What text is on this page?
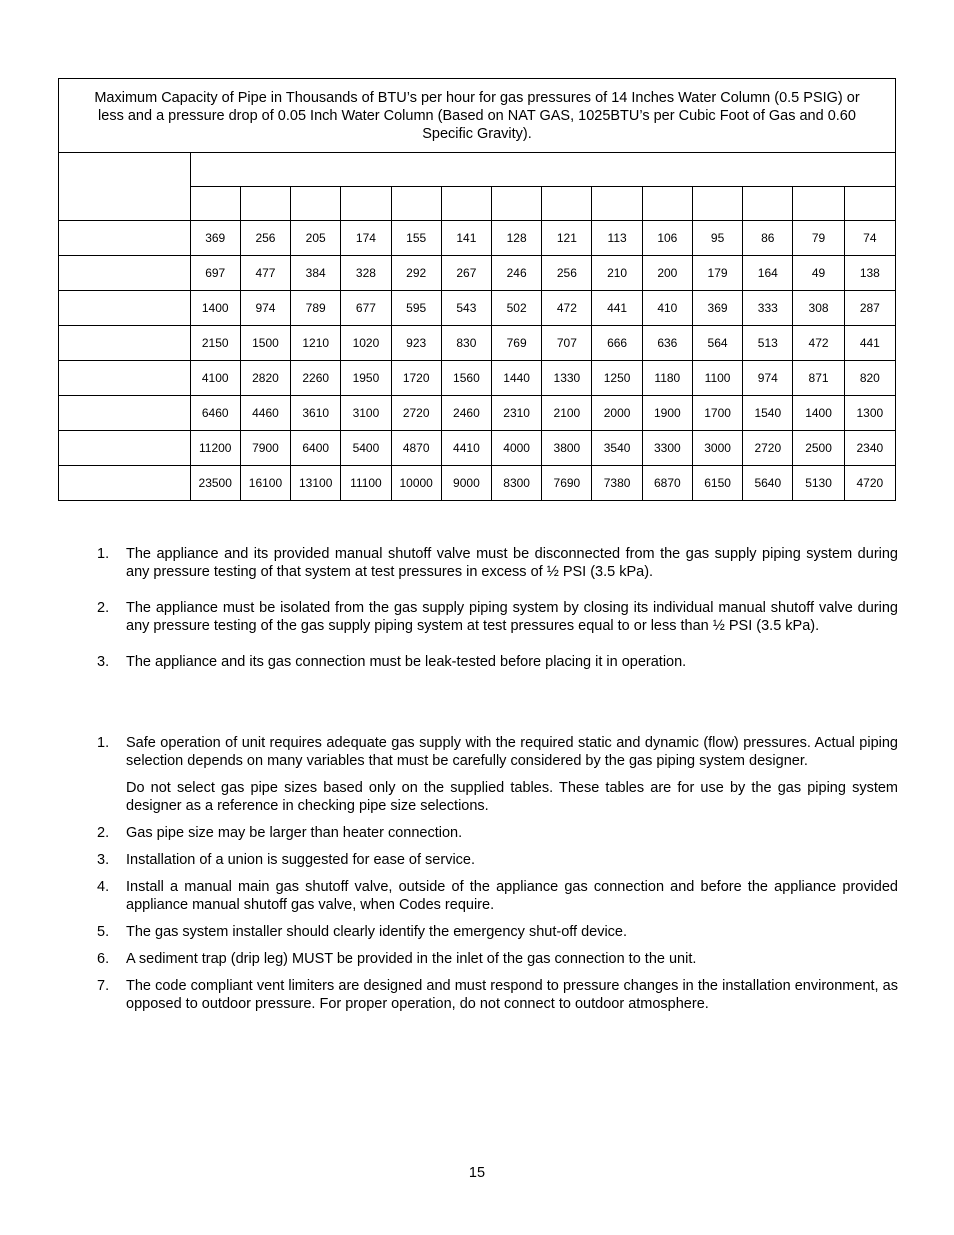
Maximum Capacity of Pipe in Thousands of BTU’s per hour for gas pressures of 14 Inches Water Column (0.5 PSIG) or less and a pressure drop of 0.05 Inch Water Column (Based on NAT GAS, 1025BTU’s per Cubic Foot of Gas and 0.60 Specific Gravity).														

	369	256	205	174	155	141	128	121	113	106	95	86	79	74
	697	477	384	328	292	267	246	256	210	200	179	164	49	138
	1400	974	789	677	595	543	502	472	441	410	369	333	308	287
	2150	1500	1210	1020	923	830	769	707	666	636	564	513	472	441
	4100	2820	2260	1950	1720	1560	1440	1330	1250	1180	1100	974	871	820
	6460	4460	3610	3100	2720	2460	2310	2100	2000	1900	1700	1540	1400	1300
	11200	7900	6400	5400	4870	4410	4000	3800	3540	3300	3000	2720	2500	2340
	23500	16100	13100	11100	10000	9000	8300	7690	7380	6870	6150	5640	5130	4720
1. The appliance and its provided manual shutoff valve must be disconnected from the gas supply piping system during any pressure testing of that system at test pressures in excess of ½ PSI (3.5 kPa).

2. The appliance must be isolated from the gas supply piping system by closing its individual manual shutoff valve during any pressure testing of the gas supply piping system at test pressures equal to or less than ½ PSI (3.5 kPa).

3. The appliance and its gas connection must be leak-tested before placing it in operation.

1. Safe operation of unit requires adequate gas supply with the required static and dynamic (flow) pressures. Actual piping selection depends on many variables that must be carefully considered by the gas piping system designer.

Do not select gas pipe sizes based only on the supplied tables. These tables are for use by the gas piping system designer as a reference in checking pipe size selections.

2. Gas pipe size may be larger than heater connection.

3. Installation of a union is suggested for ease of service.

4. Install a manual main gas shutoff valve, outside of the appliance gas connection and before the appliance provided appliance manual shutoff gas valve, when Codes require.

5. The gas system installer should clearly identify the emergency shut-off device.

6. A sediment trap (drip leg) MUST be provided in the inlet of the gas connection to the unit.

7. The code compliant vent limiters are designed and must respond to pressure changes in the installation environment, as opposed to outdoor pressure. For proper operation, do not connect to outdoor atmosphere.

15
